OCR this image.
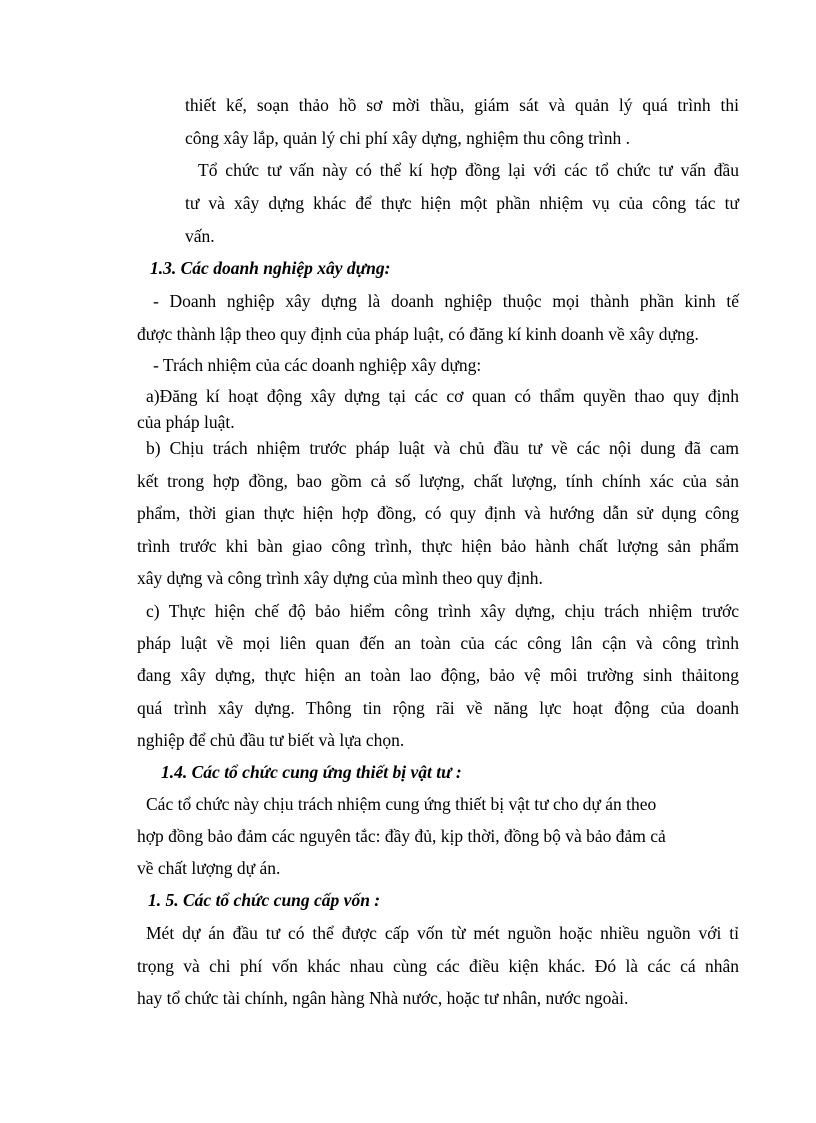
thiết kế, soạn thảo hồ sơ mời thầu, giám sát và quản lý quá trình thi

công xây lắp, quản lý chi phí xây dựng, nghiệm thu công trình .

Tổ chức tư vấn này có thể kí hợp đồng lại với các tổ chức tư vấn đầu

tư và xây dựng khác để thực hiện một phần nhiệm vụ của công tác tư

vấn.

1.3. Các doanh nghiệp xây dựng:

- Doanh nghiệp xây dựng là doanh nghiệp thuộc mọi thành phần kinh tế

được thành lập theo quy định của pháp luật, có đăng kí kinh doanh về xây dựng.

- Trách nhiệm của các doanh nghiệp xây dựng:

a)Đăng kí hoạt động xây dựng tại các cơ quan có thẩm quyền thao quy định

của pháp luật.

b) Chịu trách nhiệm trước pháp luật và chủ đầu tư về các nội dung đã cam

kết trong hợp đồng, bao gồm cả số lượng, chất lượng, tính chính xác của sản

phẩm, thời gian thực hiện hợp đồng, có quy định và hướng dẫn sử dụng công

trình trước khi bàn giao công trình, thực hiện bảo hành chất lượng sản phẩm

xây dựng và công trình xây dựng của mình theo quy định.

c) Thực hiện chế độ bảo hiểm công trình xây dựng, chịu trách nhiệm trước

pháp luật về mọi liên quan đến an toàn của các công lân cận và công trình

đang xây dựng, thực hiện an toàn lao động, bảo vệ môi trường sinh thảitong

quá trình xây dựng. Thông tin rộng rãi về năng lực hoạt động của doanh

nghiệp để chủ đầu tư biết và lựa chọn.

1.4. Các tổ chức cung ứng thiết bị vật tư :

Các tổ chức này chịu trách nhiệm cung ứng thiết bị vật tư cho dự án theo

hợp đồng bảo đảm các nguyên tắc: đầy đủ, kịp thời, đồng bộ và bảo đảm cả

về chất lượng dự án.

1. 5. Các tổ chức cung cấp vốn :

Mét dự án đầu tư có thể được cấp vốn từ mét nguồn hoặc nhiều nguồn với tỉ

trọng và chi phí vốn khác nhau cùng các điều kiện khác. Đó là các cá nhân

hay tổ chức tài chính, ngân hàng Nhà nước, hoặc tư nhân, nước ngoài.
